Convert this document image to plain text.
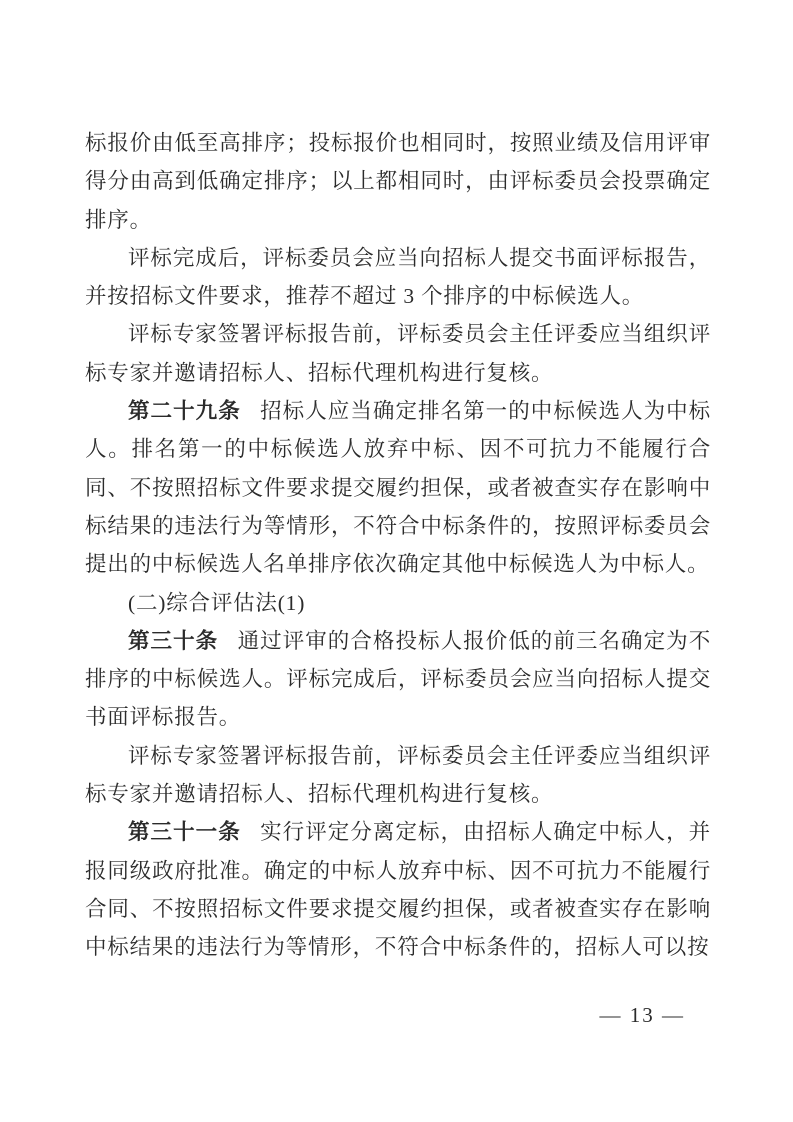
标报价由低至高排序；投标报价也相同时，按照业绩及信用评审得分由高到低确定排序；以上都相同时，由评标委员会投票确定排序。

评标完成后，评标委员会应当向招标人提交书面评标报告，并按招标文件要求，推荐不超过 3 个排序的中标候选人。

评标专家签署评标报告前，评标委员会主任评委应当组织评标专家并邀请招标人、招标代理机构进行复核。

第二十九条 招标人应当确定排名第一的中标候选人为中标人。排名第一的中标候选人放弃中标、因不可抗力不能履行合同、不按照招标文件要求提交履约担保，或者被查实存在影响中标结果的违法行为等情形，不符合中标条件的，按照评标委员会提出的中标候选人名单排序依次确定其他中标候选人为中标人。

(二)综合评估法(1)

第三十条 通过评审的合格投标人报价低的前三名确定为不排序的中标候选人。评标完成后，评标委员会应当向招标人提交书面评标报告。

评标专家签署评标报告前，评标委员会主任评委应当组织评标专家并邀请招标人、招标代理机构进行复核。

第三十一条 实行评定分离定标，由招标人确定中标人，并报同级政府批准。确定的中标人放弃中标、因不可抗力不能履行合同、不按照招标文件要求提交履约担保，或者被查实存在影响中标结果的违法行为等情形，不符合中标条件的，招标人可以按

— 13 —
